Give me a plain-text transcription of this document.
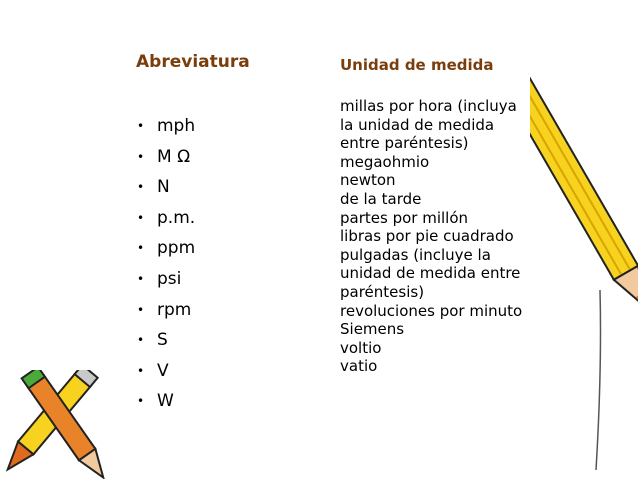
Abreviatura	Unidad de medida
• mph
• M Ω
• N
• p.m.
• ppm
• psi
• rpm
• S
• V
• W
millas por hora (incluya
la unidad de medida
entre paréntesis)
megaohmio
newton
de la tarde
partes por millón
libras por pie cuadrado
pulgadas (incluye la
unidad de medida entre
paréntesis)
revoluciones por minuto
Siemens
voltio
vatio
